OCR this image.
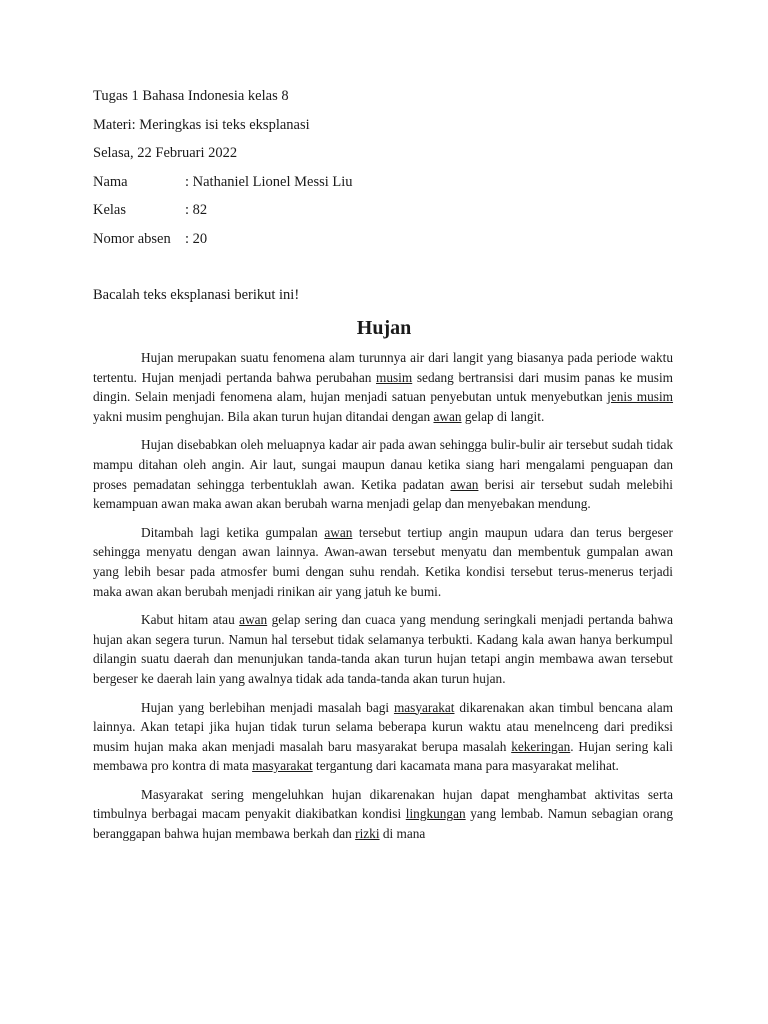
Tugas 1 Bahasa Indonesia kelas 8
Materi: Meringkas isi teks eksplanasi
Selasa, 22 Februari 2022
Nama	: Nathaniel Lionel Messi Liu
Kelas	: 82
Nomor absen : 20
Bacalah teks eksplanasi berikut ini!
Hujan

Hujan merupakan suatu fenomena alam turunnya air dari langit yang biasanya pada periode waktu tertentu. Hujan menjadi pertanda bahwa perubahan musim sedang bertransisi dari musim panas ke musim dingin. Selain menjadi fenomena alam, hujan menjadi satuan penyebutan untuk menyebutkan jenis musim yakni musim penghujan. Bila akan turun hujan ditandai dengan awan gelap di langit.

Hujan disebabkan oleh meluapnya kadar air pada awan sehingga bulir-bulir air tersebut sudah tidak mampu ditahan oleh angin. Air laut, sungai maupun danau ketika siang hari mengalami penguapan dan proses pemadatan sehingga terbentuklah awan. Ketika padatan awan berisi air tersebut sudah melebihi kemampuan awan maka awan akan berubah warna menjadi gelap dan menyebakan mendung.

Ditambah lagi ketika gumpalan awan tersebut tertiup angin maupun udara dan terus bergeser sehingga menyatu dengan awan lainnya. Awan-awan tersebut menyatu dan membentuk gumpalan awan yang lebih besar pada atmosfer bumi dengan suhu rendah. Ketika kondisi tersebut terus-menerus terjadi maka awan akan berubah menjadi rinikan air yang jatuh ke bumi.

Kabut hitam atau awan gelap sering dan cuaca yang mendung seringkali menjadi pertanda bahwa hujan akan segera turun. Namun hal tersebut tidak selamanya terbukti. Kadang kala awan hanya berkumpul dilangin suatu daerah dan menunjukan tanda-tanda akan turun hujan tetapi angin membawa awan tersebut bergeser ke daerah lain yang awalnya tidak ada tanda-tanda akan turun hujan.

Hujan yang berlebihan menjadi masalah bagi masyarakat dikarenakan akan timbul bencana alam lainnya. Akan tetapi jika hujan tidak turun selama beberapa kurun waktu atau menelnceng dari prediksi musim hujan maka akan menjadi masalah baru masyarakat berupa masalah kekeringan. Hujan sering kali membawa pro kontra di mata masyarakat tergantung dari kacamata mana para masyarakat melihat.

Masyarakat sering mengeluhkan hujan dikarenakan hujan dapat menghambat aktivitas serta timbulnya berbagai macam penyakit diakibatkan kondisi lingkungan yang lembab. Namun sebagian orang beranggapan bahwa hujan membawa berkah dan rizki di mana
